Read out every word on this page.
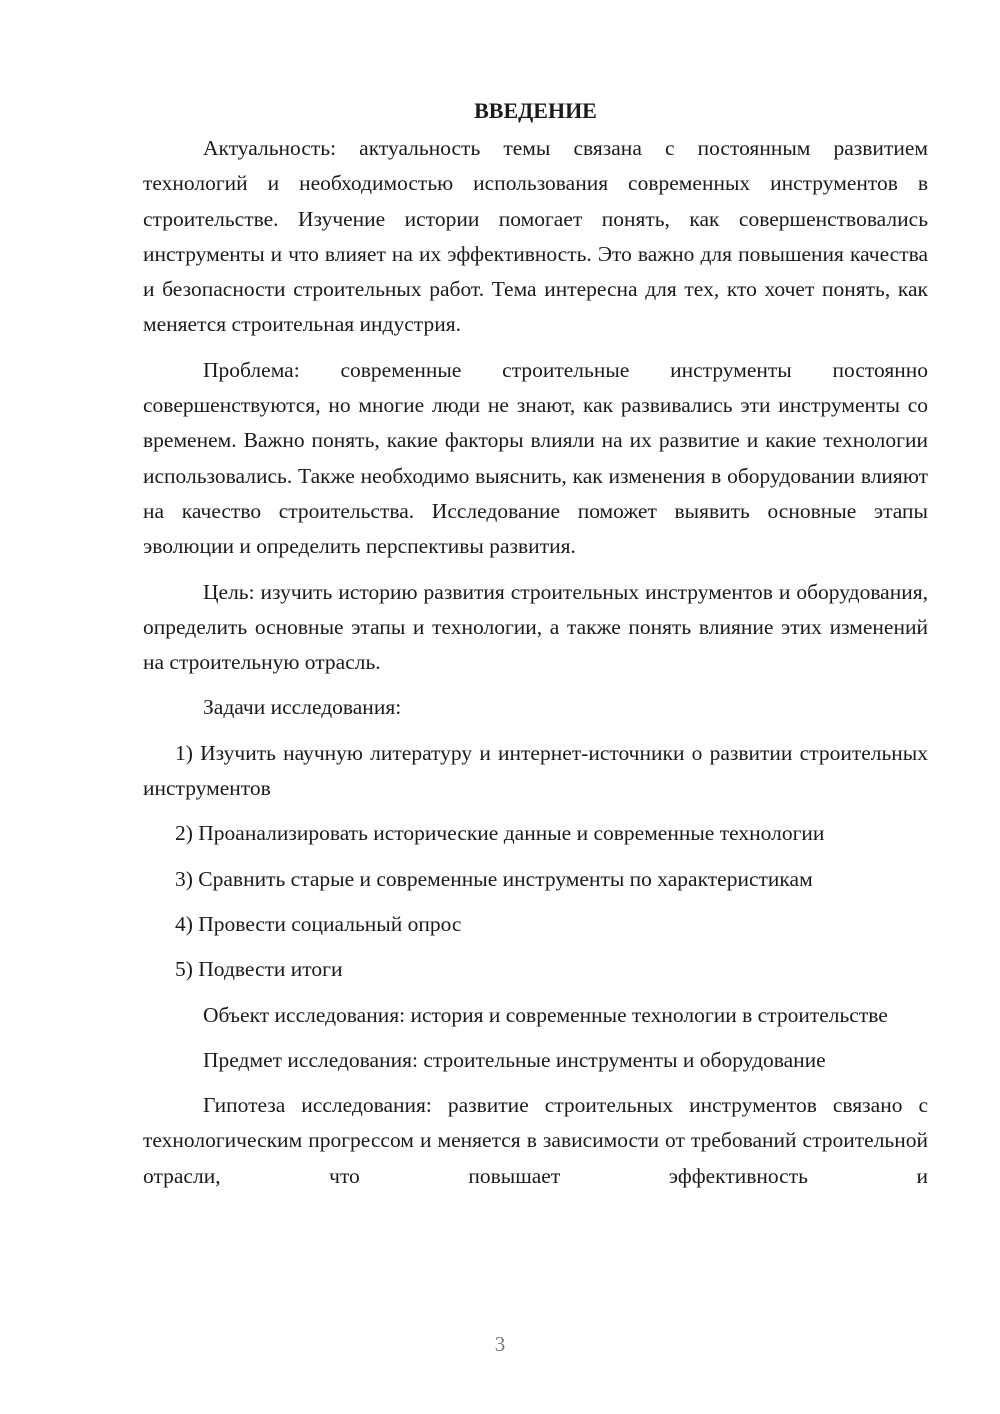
ВВЕДЕНИЕ

Актуальность: актуальность темы связана с постоянным развитием технологий и необходимостью использования современных инструментов в строительстве. Изучение истории помогает понять, как совершенствовались инструменты и что влияет на их эффективность. Это важно для повышения качества и безопасности строительных работ. Тема интересна для тех, кто хочет понять, как меняется строительная индустрия.

Проблема: современные строительные инструменты постоянно совершенствуются, но многие люди не знают, как развивались эти инструменты со временем. Важно понять, какие факторы влияли на их развитие и какие технологии использовались. Также необходимо выяснить, как изменения в оборудовании влияют на качество строительства. Исследование поможет выявить основные этапы эволюции и определить перспективы развития.

Цель: изучить историю развития строительных инструментов и оборудования, определить основные этапы и технологии, а также понять влияние этих изменений на строительную отрасль.

Задачи исследования:

1) Изучить научную литературу и интернет-источники о развитии строительных инструментов

2) Проанализировать исторические данные и современные технологии

3) Сравнить старые и современные инструменты по характеристикам

4) Провести социальный опрос

5) Подвести итоги

Объект исследования: история и современные технологии в строительстве

Предмет исследования: строительные инструменты и оборудование

Гипотеза исследования: развитие строительных инструментов связано с технологическим прогрессом и меняется в зависимости от требований строительной отрасли, что повышает эффективность и

3
